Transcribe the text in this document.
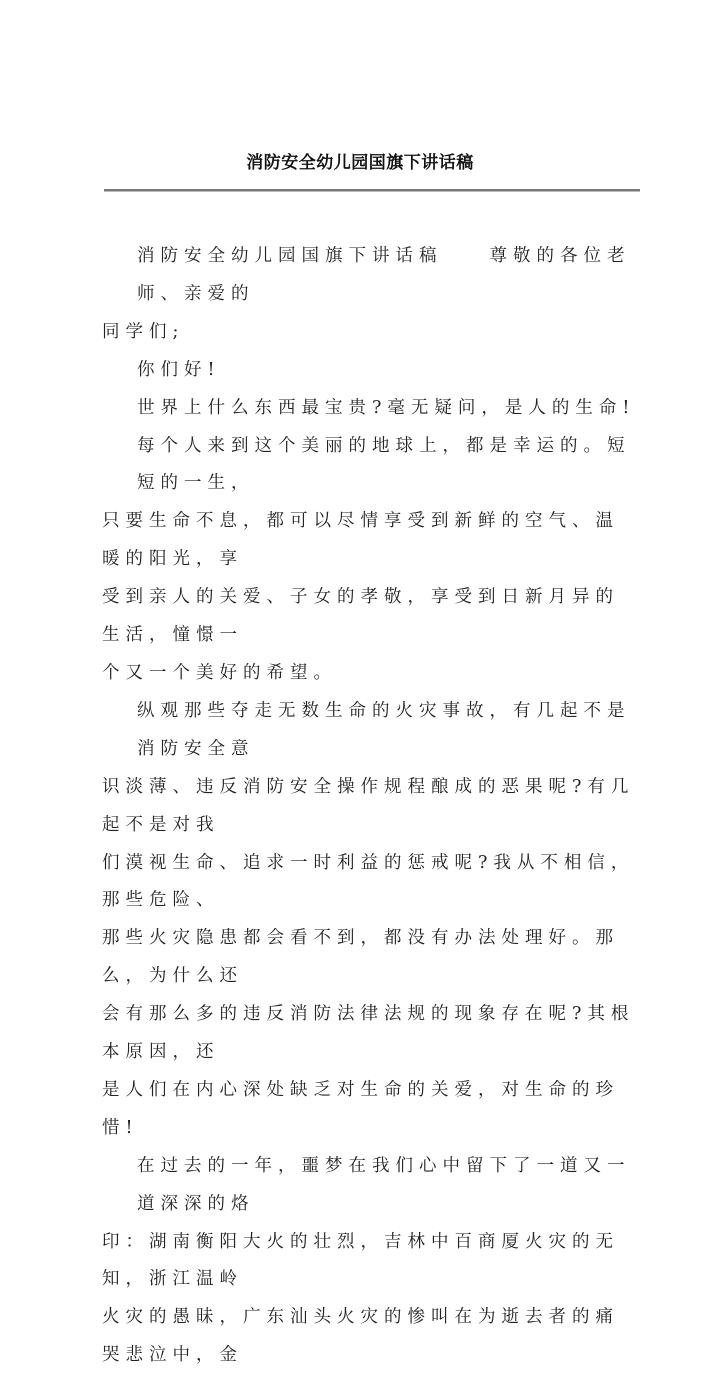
消防安全幼儿园国旗下讲话稿
消防安全幼儿园国旗下讲话稿　　尊敬的各位老师、亲爱的
同学们;
你们好!
世界上什么东西最宝贵?毫无疑问，是人的生命!
每个人来到这个美丽的地球上，都是幸运的。短短的一生，
只要生命不息，都可以尽情享受到新鲜的空气、温暖的阳光，享
受到亲人的关爱、子女的孝敬，享受到日新月异的生活，憧憬一
个又一个美好的希望。
纵观那些夺走无数生命的火灾事故，有几起不是消防安全意
识淡薄、违反消防安全操作规程酿成的恶果呢?有几起不是对我
们漠视生命、追求一时利益的惩戒呢?我从不相信，那些危险、
那些火灾隐患都会看不到，都没有办法处理好。那么，为什么还
会有那么多的违反消防法律法规的现象存在呢?其根本原因，还
是人们在内心深处缺乏对生命的关爱，对生命的珍惜!
在过去的一年，噩梦在我们心中留下了一道又一道深深的烙
印：湖南衡阳大火的壮烈，吉林中百商厦火灾的无知，浙江温岭
火灾的愚昧，广东汕头火灾的惨叫在为逝去者的痛哭悲泣中，金
